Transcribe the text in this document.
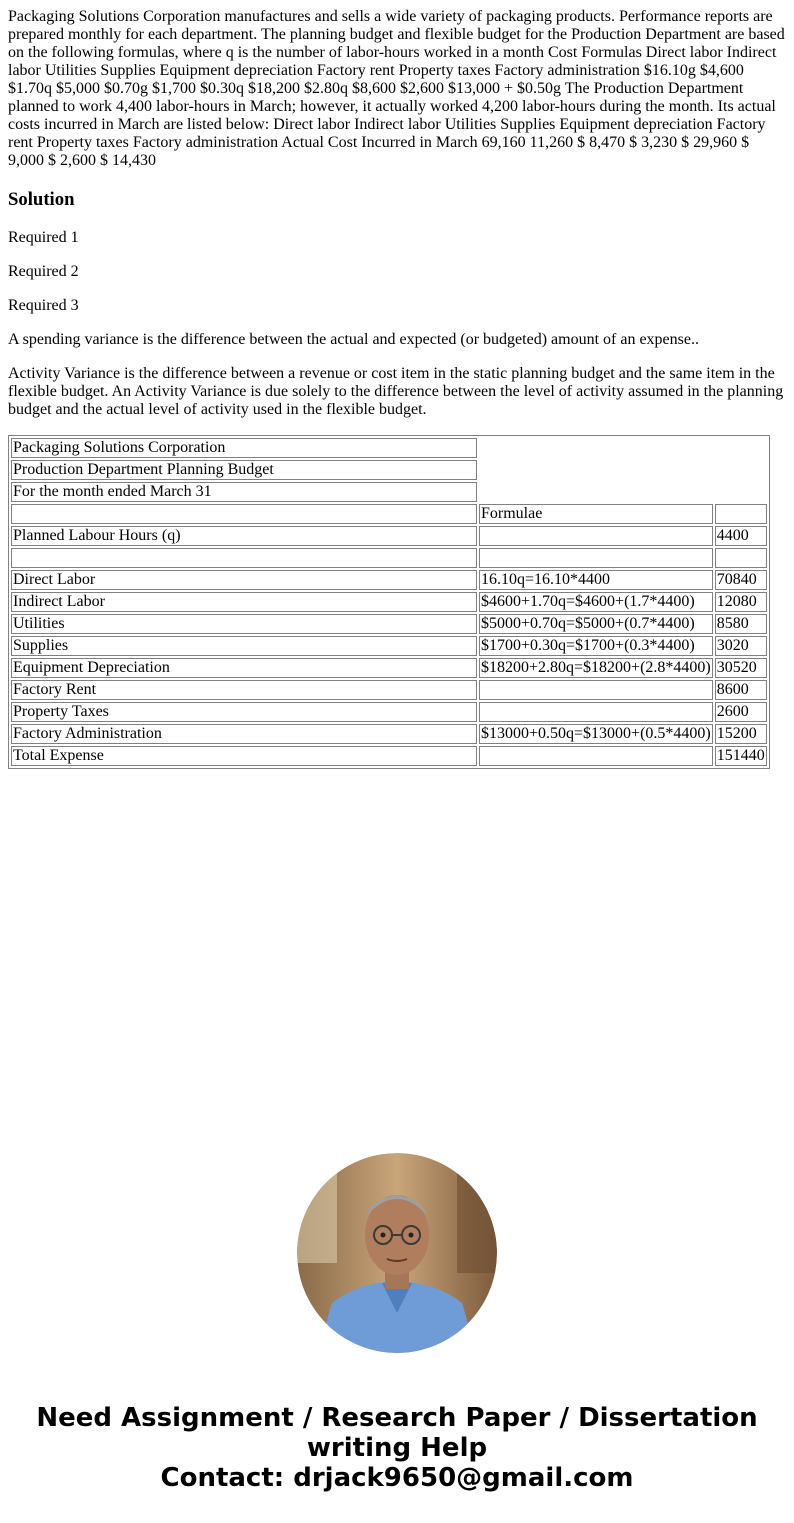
Packaging Solutions Corporation manufactures and sells a wide variety of packaging products. Performance reports are prepared monthly for each department. The planning budget and flexible budget for the Production Department are based on the following formulas, where q is the number of labor-hours worked in a month Cost Formulas Direct labor Indirect labor Utilities Supplies Equipment depreciation Factory rent Property taxes Factory administration $16.10g $4,600 $1.70q $5,000 $0.70g $1,700 $0.30q $18,200 $2.80q $8,600 $2,600 $13,000 + $0.50g The Production Department planned to work 4,400 labor-hours in March; however, it actually worked 4,200 labor-hours during the month. Its actual costs incurred in March are listed below: Direct labor Indirect labor Utilities Supplies Equipment depreciation Factory rent Property taxes Factory administration Actual Cost Incurred in March 69,160 11,260 $ 8,470 $ 3,230 $ 29,960 $ 9,000 $ 2,600 $ 14,430

Solution

Required 1

Required 2

Required 3

A spending variance is the difference between the actual and expected (or budgeted) amount of an expense..

Activity Variance is the difference between a revenue or cost item in the static planning budget and the same item in the flexible budget. An Activity Variance is due solely to the difference between the level of activity assumed in the planning budget and the actual level of activity used in the flexible budget.

Packaging Solutions Corporation		
Production Department Planning Budget		
For the month ended March 31		
	Formulae	
Planned Labour Hours (q)		4400

Direct Labor	16.10q=16.10*4400	70840
Indirect Labor	$4600+1.70q=$4600+(1.7*4400)	12080
Utilities	$5000+0.70q=$5000+(0.7*4400)	8580
Supplies	$1700+0.30q=$1700+(0.3*4400)	3020
Equipment Depreciation	$18200+2.80q=$18200+(2.8*4400)	30520
Factory Rent		8600
Property Taxes		2600
Factory Administration	$13000+0.50q=$13000+(0.5*4400)	15200
Total Expense		151440
Need Assignment / Research Paper / Dissertation
writing Help
Contact: drjack9650@gmail.com
